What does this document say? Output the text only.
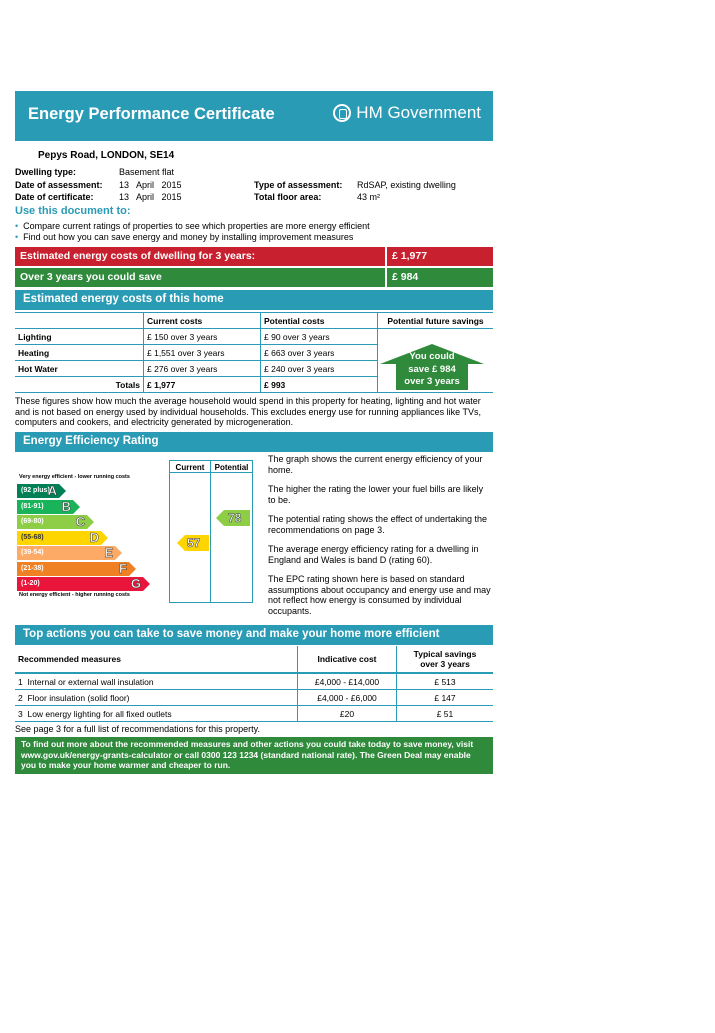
Energy Performance Certificate	HM Government
Pepys Road, LONDON, SE14
Dwelling type:	Basement flat
Date of assessment: 13   April   2015
Date of certificate:	13   April   2015
Type of assessment: RdSAP, existing dwelling
Total floor area:	43 m²
Use this document to:
• Compare current ratings of properties to see which properties are more energy efficient
• Find out how you can save energy and money by installing improvement measures
Estimated energy costs of dwelling for 3 years:	£ 1,977
Over 3 years you could save	£ 984
Estimated energy costs of this home
	Current costs	Potential costs	Potential future savings
Lighting	£ 150 over 3 years	£ 90 over 3 years	
Heating	£ 1,551 over 3 years	£ 663 over 3 years	
Hot Water	£ 276 over 3 years	£ 240 over 3 years	
Totals	£ 1,977	£ 993	
You could
save £ 984
over 3 years
These figures show how much the average household would spend in this property for heating, lighting and hot water and is not based on energy used by individual households. This excludes energy use for running appliances like TVs, computers and cookers, and electricity generated by microgeneration.
Energy Efficiency Rating
Very energy efficient - lower running costs
(92 plus)
A
(81-91) B
(69-80) C
(55-68)	D
(39-54)	E
(21-38)	F
(1-20)	G
Not energy efficient - higher running costs
Current	Potential
57
78
The graph shows the current energy efficiency of your home.
The higher the rating the lower your fuel bills are likely to be.
The potential rating shows the effect of undertaking the recommendations on page 3.
The average energy efficiency rating for a dwelling in England and Wales is band D (rating 60).
The EPC rating shown here is based on standard assumptions about occupancy and energy use and may not reflect how energy is consumed by individual occupants.
Top actions you can take to save money and make your home more efficient
Recommended measures	Indicative cost	Typical savings
over 3 years

1 Internal or external wall insulation	£4,000 - £14,000	£ 513
2 Floor insulation (solid floor)	£4,000 - £6,000	£ 147
3 Low energy lighting for all fixed outlets	£20	£ 51
See page 3 for a full list of recommendations for this property.
To find out more about the recommended measures and other actions you could take today to save money, visit www.gov.uk/energy-grants-calculator or call 0300 123 1234 (standard national rate). The Green Deal may enable you to make your home warmer and cheaper to run.
